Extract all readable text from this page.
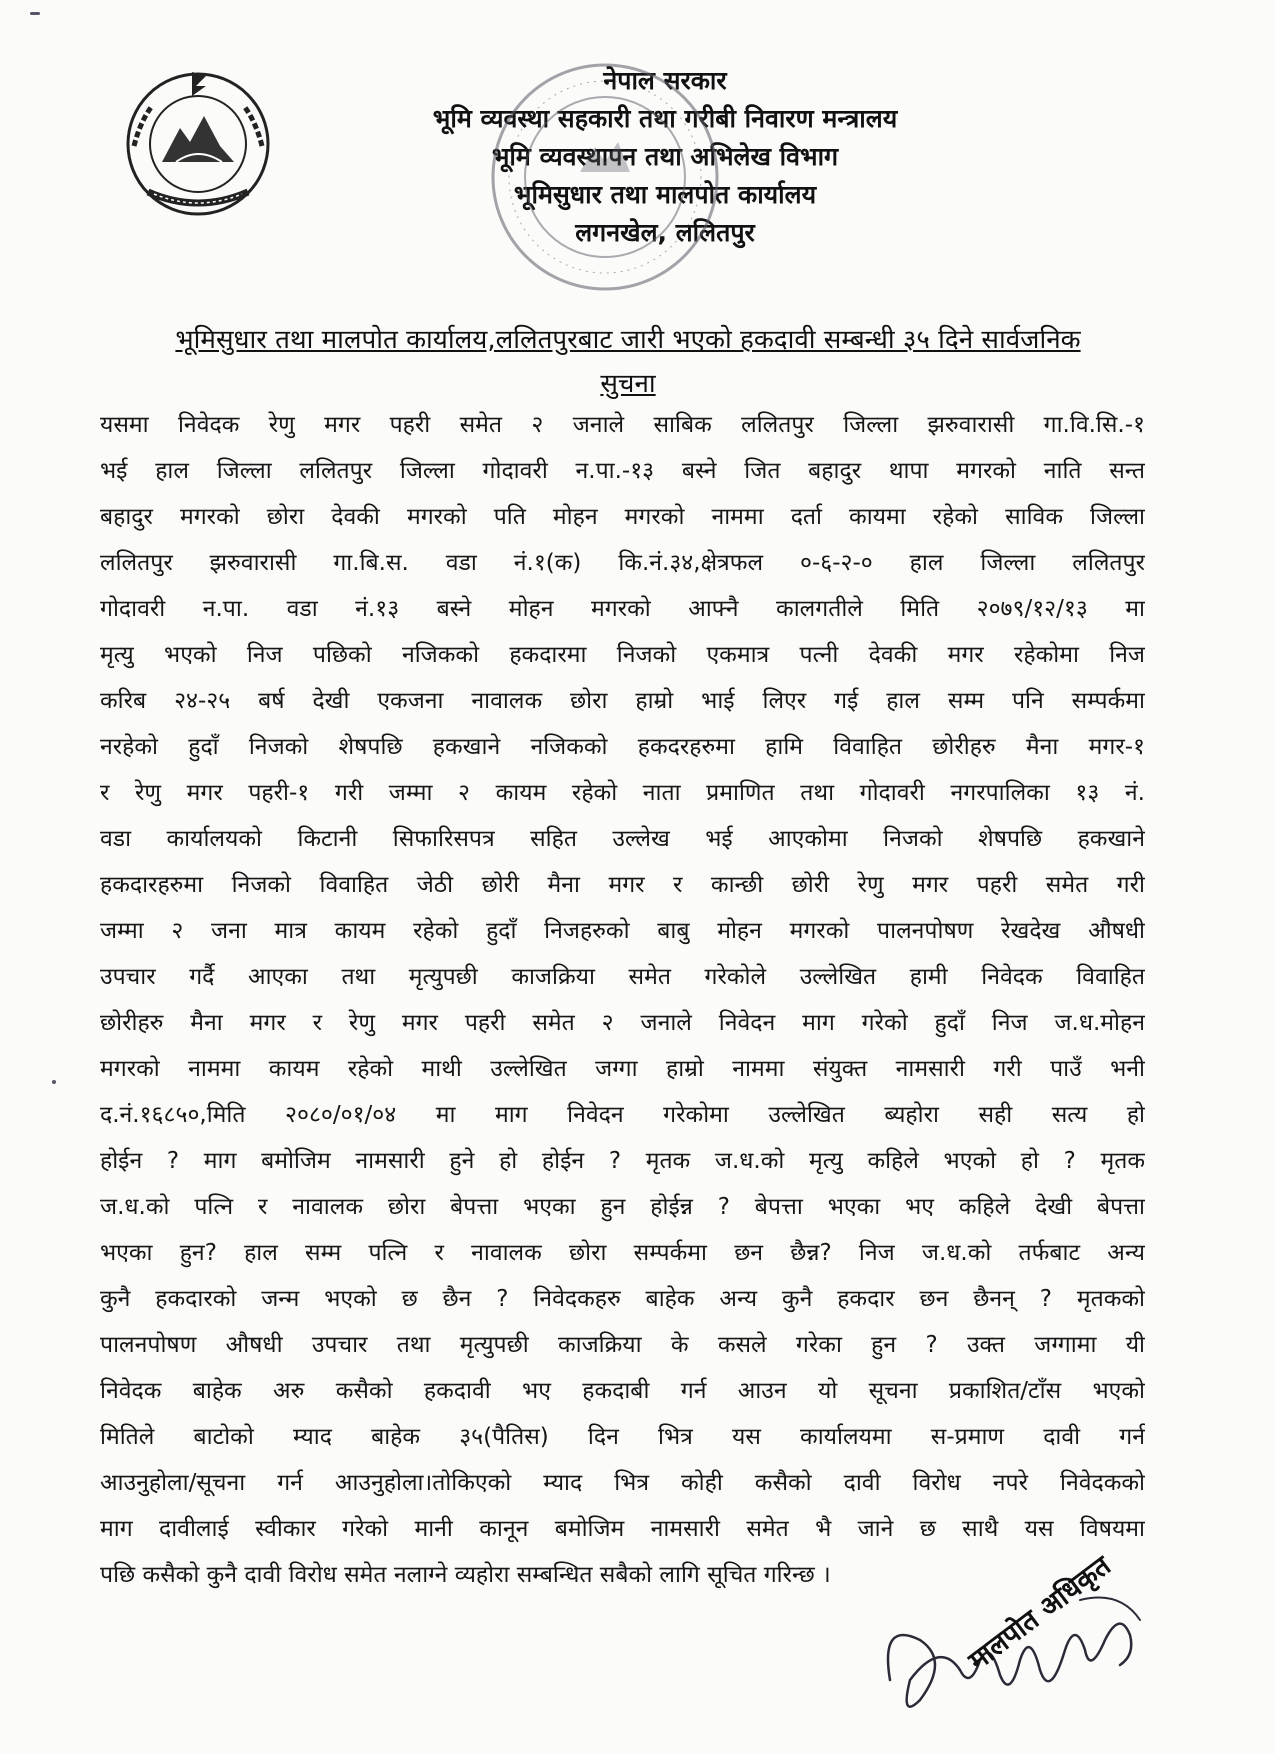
नेपाल सरकार
भूमि व्यवस्था सहकारी तथा गरीबी निवारण मन्त्रालय
भूमि व्यवस्थापन तथा अभिलेख विभाग
भूमिसुधार तथा मालपोत कार्यालय
लगनखेल, ललितपुर
भूमिसुधार तथा मालपोत कार्यालय,ललितपुरबाट जारी भएको हकदावी सम्बन्धी ३५ दिने सार्वजनिक
सुचना
यसमा निवेदक रेणु मगर पहरी समेत २ जनाले साबिक ललितपुर जिल्ला झरुवारासी गा.वि.सि.-१
भई हाल जिल्ला ललितपुर जिल्ला गोदावरी न.पा.-१३ बस्ने जित बहादुर थापा मगरको नाति सन्त
बहादुर मगरको छोरा देवकी मगरको पति मोहन मगरको नाममा दर्ता कायमा रहेको साविक जिल्ला
ललितपुर झरुवारासी गा.बि.स. वडा नं.१(क) कि.नं.३४,क्षेत्रफल ०-६-२-० हाल जिल्ला ललितपुर
गोदावरी न.पा. वडा नं.१३ बस्ने मोहन मगरको आफ्नै कालगतीले मिति २०७९/१२/१३ मा
मृत्यु भएको निज पछिको नजिकको हकदारमा निजको एकमात्र पत्नी देवकी मगर रहेकोमा निज
करिब २४-२५ बर्ष देखी एकजना नावालक छोरा हाम्रो भाई लिएर गई हाल सम्म पनि सम्पर्कमा
नरहेको हुदाँ निजको शेषपछि हकखाने नजिकको हकदरहरुमा हामि विवाहित छोरीहरु मैना मगर-१
र रेणु मगर पहरी-१ गरी जम्मा २ कायम रहेको नाता प्रमाणित तथा गोदावरी नगरपालिका १३ नं.
वडा कार्यालयको किटानी सिफारिसपत्र सहित उल्लेख भई आएकोमा निजको शेषपछि हकखाने
हकदारहरुमा निजको विवाहित जेठी छोरी मैना मगर र कान्छी छोरी रेणु मगर पहरी समेत गरी
जम्मा २ जना मात्र कायम रहेको हुदाँ निजहरुको बाबु मोहन मगरको पालनपोषण रेखदेख औषधी
उपचार गर्दै आएका तथा मृत्युपछी काजक्रिया समेत गरेकोले उल्लेखित हामी निवेदक विवाहित
छोरीहरु मैना मगर र रेणु मगर पहरी समेत २ जनाले निवेदन माग गरेको हुदाँ निज ज.ध.मोहन
मगरको नाममा कायम रहेको माथी उल्लेखित जग्गा हाम्रो नाममा संयुक्त नामसारी गरी पाउँ भनी
द.नं.१६८५०,मिति २०८०/०१/०४ मा माग निवेदन गरेकोमा उल्लेखित ब्यहोरा सही सत्य हो
होईन ? माग बमोजिम नामसारी हुने हो होईन ? मृतक ज.ध.को मृत्यु कहिले भएको हो ? मृतक
ज.ध.को पत्नि र नावालक छोरा बेपत्ता भएका हुन होईन्न ? बेपत्ता भएका भए कहिले देखी बेपत्ता
भएका हुन? हाल सम्म पत्नि र नावालक छोरा सम्पर्कमा छन छैन्न? निज ज.ध.को तर्फबाट अन्य
कुनै हकदारको जन्म भएको छ छैन ? निवेदकहरु बाहेक अन्य कुनै हकदार छन छैनन् ? मृतकको
पालनपोषण औषधी उपचार तथा मृत्युपछी काजक्रिया के कसले गरेका हुन ? उक्त जग्गामा यी
निवेदक बाहेक अरु कसैको हकदावी भए हकदाबी गर्न आउन यो सूचना प्रकाशित/टाँस भएको
मितिले बाटोको म्याद बाहेक ३५(पैतिस) दिन भित्र यस कार्यालयमा स-प्रमाण दावी गर्न
आउनुहोला/सूचना गर्न आउनुहोला।तोकिएको म्याद भित्र कोही कसैको दावी विरोध नपरे निवेदकको
माग दावीलाई स्वीकार गरेको मानी कानून बमोजिम नामसारी समेत भै जाने छ साथै यस विषयमा
पछि कसैको कुनै दावी विरोध समेत नलाग्ने व्यहोरा सम्बन्धित सबैको लागि सूचित गरिन्छ ।	मालपोत अधिकृत
